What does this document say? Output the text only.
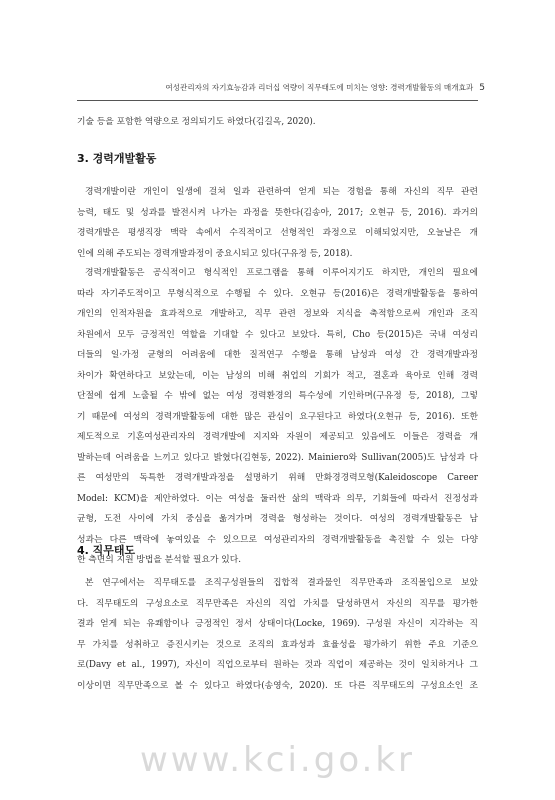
여성관리자의 자기효능감과 리더십 역량이 직무태도에 미치는 영향: 경력개발활동의 매개효과 5
기술 등을 포함한 역량으로 정의되기도 하였다(김길옥, 2020).
3. 경력개발활동
경력개발이란 개인이 일생에 걸쳐 일과 관련하여 얻게 되는 경험을 통해 자신의 직무 관련
능력, 태도 및 성과를 발전시켜 나가는 과정을 뜻한다(김송아, 2017; 오현규 등, 2016). 과거의
경력개발은 평생직장 맥락 속에서 수직적이고 선형적인 과정으로 이해되었지만, 오늘날은 개
인에 의해 주도되는 경력개발과정이 중요시되고 있다(구유정 등, 2018).
경력개발활동은 공식적이고 형식적인 프로그램을 통해 이루어지기도 하지만, 개인의 필요에
따라 자기주도적이고 무형식적으로 수행될 수 있다. 오현규 등(2016)은 경력개발활동을 통하여
개인의 인적자원을 효과적으로 개발하고, 직무 관련 정보와 지식을 축적함으로써 개인과 조직
차원에서 모두 긍정적인 역할을 기대할 수 있다고 보았다. 특히, Cho 등(2015)은 국내 여성리
더들의 일·가정 균형의 어려움에 대한 질적연구 수행을 통해 남성과 여성 간 경력개발과정
차이가 확연하다고 보았는데, 이는 남성의 비해 취업의 기회가 적고, 결혼과 육아로 인해 경력
단절에 쉽게 노출될 수 밖에 없는 여성 경력환경의 특수성에 기인하며(구유정 등, 2018), 그렇
기 때문에 여성의 경력개발활동에 대한 많은 관심이 요구된다고 하였다(오현규 등, 2016). 또한
제도적으로 기혼여성관리자의 경력개발에 지지와 자원이 제공되고 있음에도 이들은 경력을 개
발하는데 어려움을 느끼고 있다고 밝혔다(김현동, 2022). Mainiero와 Sullivan(2005)도 남성과 다
른 여성만의 독특한 경력개발과정을 설명하기 위해 만화경경력모형(Kaleidoscope Career
Model: KCM)을 제안하였다. 이는 여성을 둘러싼 삶의 맥락과 의무, 기회들에 따라서 진정성과
균형, 도전 사이에 가치 중심을 옮겨가며 경력을 형성하는 것이다. 여성의 경력개발활동은 남
성과는 다른 맥락에 놓여있을 수 있으므로 여성관리자의 경력개발활동을 촉진할 수 있는 다양
한 측면의 지원 방법을 분석할 필요가 있다.
4. 직무태도
본 연구에서는 직무태도를 조직구성원들의 집합적 결과물인 직무만족과 조직몰입으로 보았
다. 직무태도의 구성요소로 직무만족은 자신의 직업 가치를 달성하면서 자신의 직무를 평가한
결과 얻게 되는 유쾌함이나 긍정적인 정서 상태이다(Locke, 1969). 구성원 자신이 지각하는 직
무 가치를 성취하고 증진시키는 것으로 조직의 효과성과 효율성을 평가하기 위한 주요 기준으
로(Davy et al., 1997), 자신이 직업으로부터 원하는 것과 직업이 제공하는 것이 일치하거나 그
이상이면 직무만족으로 볼 수 있다고 하였다(송영숙, 2020). 또 다른 직무태도의 구성요소인 조
www.kci.go.kr
